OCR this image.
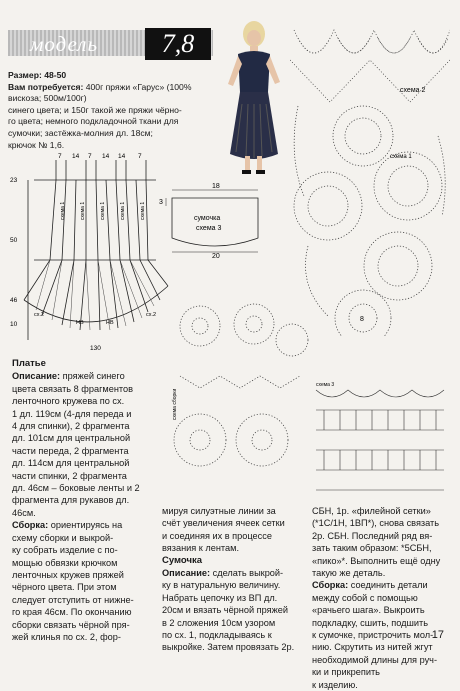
модель	7,8
Размер: 48-50
Вам потребуется: 400г пряжи «Гарус» (100%
вискоза; 500м/100г)
синего цвета; и 150г такой же пряжи чёрно-
го цвета; немного подкладочной ткани для
сумочки; застёжка-молния дл. 18см;
крючок № 1,6.
7 14 7 14 14 7
23
50
46
10
130
НВ	НВ
сх.2	сх.2
схема 1	схема 1	схема 1	схема 1	схема 1
18
3
20
сумочка
схема 3
схема 2
схема 1
8
схема сборки
схема 3
Платье
Описание: пряжей синего
цвета связать 8 фрагментов
ленточного кружева по сх.
1 дл. 119см (4-для переда и
4 для спинки), 2 фрагмента
дл. 101см для центральной
части переда, 2 фрагмента
дл. 114см для центральной
части спинки, 2 фрагмента
дл. 46см – боковые ленты и 2
фрагмента для рукавов дл.
46см.
Сборка: ориентируясь на
схему сборки и выкрой-
ку собрать изделие с по-
мощью обвязки крючком
ленточных кружев пряжей
чёрного цвета. При этом
следует отступить от нижне-
го края 46см. По окончанию
сборки связать чёрной пря-
жей клинья по сх. 2, фор-
мируя силуэтные линии за
счёт увеличения ячеек сетки
и соединяя их в процессе
вязания к лентам.
Сумочка
Описание: сделать выкрой-
ку в натуральную величину.
Набрать цепочку из ВП дл.
20см и вязать чёрной пряжей
в 2 сложения 10см узором
по сх. 1, подкладываясь к
выкройке. Затем провязать 2р.
СБН, 1р. «филейной сетки»
(*1С/1Н, 1ВП*), снова связать
2р. СБН. Последний ряд вя-
зать таким образом: *5СБН,
«пико»*. Выполнить ещё одну
такую же деталь.
Сборка: соединить детали
между собой с помощью
«рачьего шага». Выкроить
подкладку, сшить, подшить
к сумочке, пристрочить мол-
нию. Скрутить из нитей жгут
необходимой длины для руч-
ки и прикрепить
к изделию.
17
